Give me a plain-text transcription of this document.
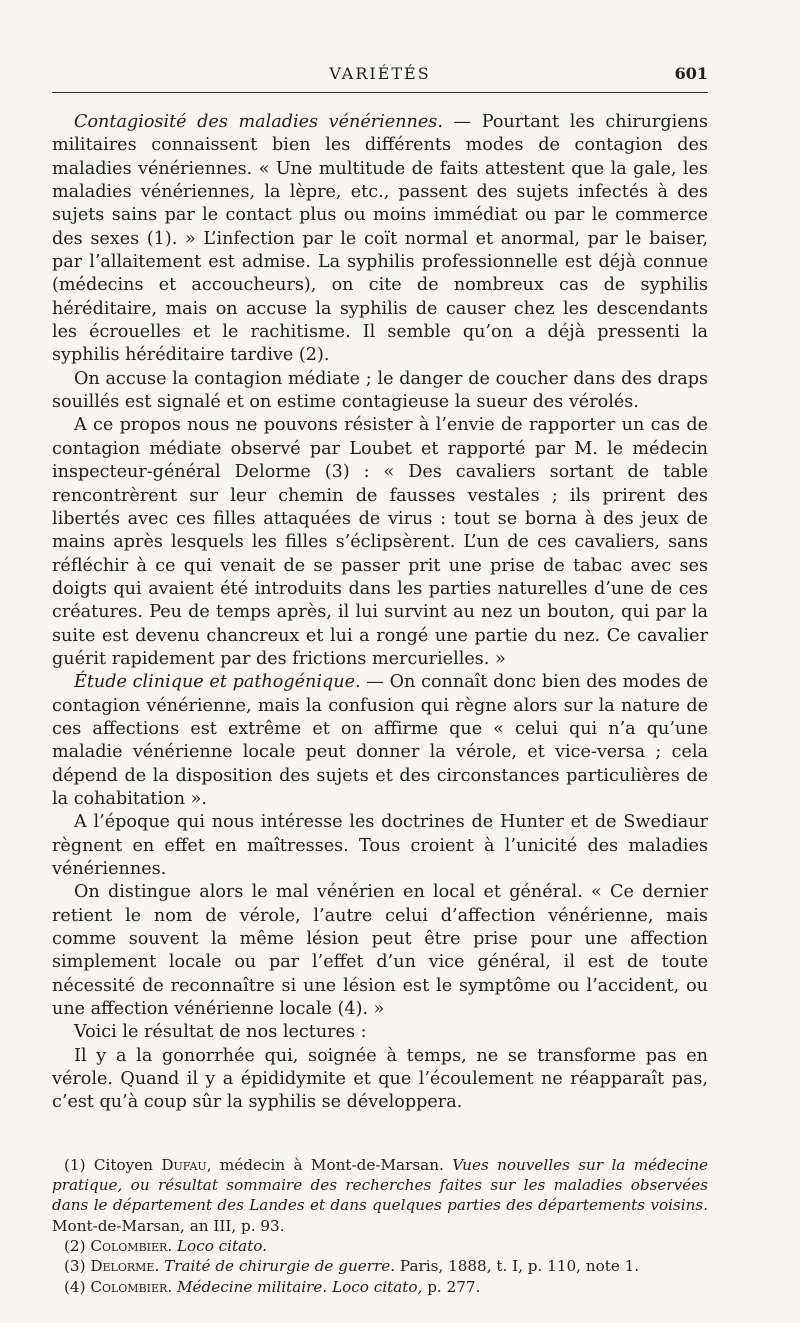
VARIÉTÉS	601

Contagiosité des maladies vénériennes. — Pourtant les chirurgiens militaires connaissent bien les différents modes de contagion des maladies vénériennes. « Une multitude de faits attestent que la gale, les maladies vénériennes, la lèpre, etc., passent des sujets infectés à des sujets sains par le contact plus ou moins immédiat ou par le commerce des sexes (1). » L’infection par le coït normal et anormal, par le baiser, par l’allaitement est admise. La syphilis professionnelle est déjà connue (médecins et accoucheurs), on cite de nombreux cas de syphilis héréditaire, mais on accuse la syphilis de causer chez les descendants les écrouelles et le rachitisme. Il semble qu’on a déjà pressenti la syphilis héréditaire tardive (2).

On accuse la contagion médiate ; le danger de coucher dans des draps souillés est signalé et on estime contagieuse la sueur des vérolés.

A ce propos nous ne pouvons résister à l’envie de rapporter un cas de contagion médiate observé par Loubet et rapporté par M. le médecin inspecteur-général Delorme (3) : « Des cavaliers sortant de table rencontrèrent sur leur chemin de fausses vestales ; ils prirent des libertés avec ces filles attaquées de virus : tout se borna à des jeux de mains après lesquels les filles s’éclipsèrent. L’un de ces cavaliers, sans réfléchir à ce qui venait de se passer prit une prise de tabac avec ses doigts qui avaient été introduits dans les parties naturelles d’une de ces créatures. Peu de temps après, il lui survint au nez un bouton, qui par la suite est devenu chancreux et lui a rongé une partie du nez. Ce cavalier guérit rapidement par des frictions mercurielles. »

Étude clinique et pathogénique. — On connaît donc bien des modes de contagion vénérienne, mais la confusion qui règne alors sur la nature de ces affections est extrême et on affirme que « celui qui n’a qu’une maladie vénérienne locale peut donner la vérole, et vice-versa ; cela dépend de la disposition des sujets et des circonstances particulières de la cohabitation ».

A l’époque qui nous intéresse les doctrines de Hunter et de Swediaur règnent en effet en maîtresses. Tous croient à l’unicité des maladies vénériennes.

On distingue alors le mal vénérien en local et général. « Ce dernier retient le nom de vérole, l’autre celui d’affection vénérienne, mais comme souvent la même lésion peut être prise pour une affection simplement locale ou par l’effet d’un vice général, il est de toute nécessité de reconnaître si une lésion est le symptôme ou l’accident, ou une affection vénérienne locale (4). »

Voici le résultat de nos lectures :

Il y a la gonorrhée qui, soignée à temps, ne se transforme pas en vérole. Quand il y a épididymite et que l’écoulement ne réapparaît pas, c’est qu’à coup sûr la syphilis se développera.

(1) Citoyen Dufau, médecin à Mont-de-Marsan. Vues nouvelles sur la médecine pratique, ou résultat sommaire des recherches faites sur les maladies observées dans le département des Landes et dans quelques parties des départements voisins. Mont-de-Marsan, an III, p. 93.

(2) Colombier. Loco citato.

(3) Delorme. Traité de chirurgie de guerre. Paris, 1888, t. I, p. 110, note 1.

(4) Colombier. Médecine militaire. Loco citato, p. 277.
